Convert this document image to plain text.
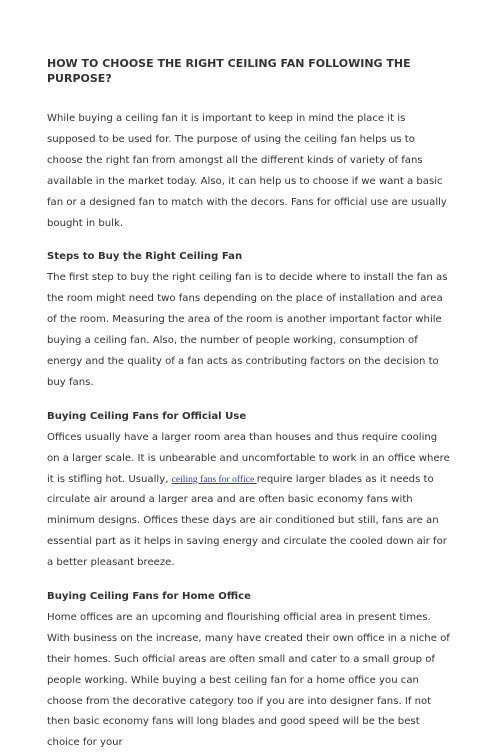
HOW TO CHOOSE THE RIGHT CEILING FAN FOLLOWING THE PURPOSE?

While buying a ceiling fan it is important to keep in mind the place it is supposed to be used for. The purpose of using the ceiling fan helps us to choose the right fan from amongst all the different kinds of variety of fans available in the market today. Also, it can help us to choose if we want a basic fan or a designed fan to match with the decors. Fans for official use are usually bought in bulk.

Steps to Buy the Right Ceiling Fan

The first step to buy the right ceiling fan is to decide where to install the fan as the room might need two fans depending on the place of installation and area of the room. Measuring the area of the room is another important factor while buying a ceiling fan. Also, the number of people working, consumption of energy and the quality of a fan acts as contributing factors on the decision to buy fans.

Buying Ceiling Fans for Official Use

Offices usually have a larger room area than houses and thus require cooling on a larger scale. It is unbearable and uncomfortable to work in an office where it is stifling hot. Usually, ceiling fans for office require larger blades as it needs to circulate air around a larger area and are often basic economy fans with minimum designs. Offices these days are air conditioned but still, fans are an essential part as it helps in saving energy and circulate the cooled down air for a better pleasant breeze.

Buying Ceiling Fans for Home Office

Home offices are an upcoming and flourishing official area in present times. With business on the increase, many have created their own office in a niche of their homes. Such official areas are often small and cater to a small group of people working. While buying a best ceiling fan for a home office you can choose from the decorative category too if you are into designer fans. If not then basic economy fans will long blades and good speed will be the best choice for your
